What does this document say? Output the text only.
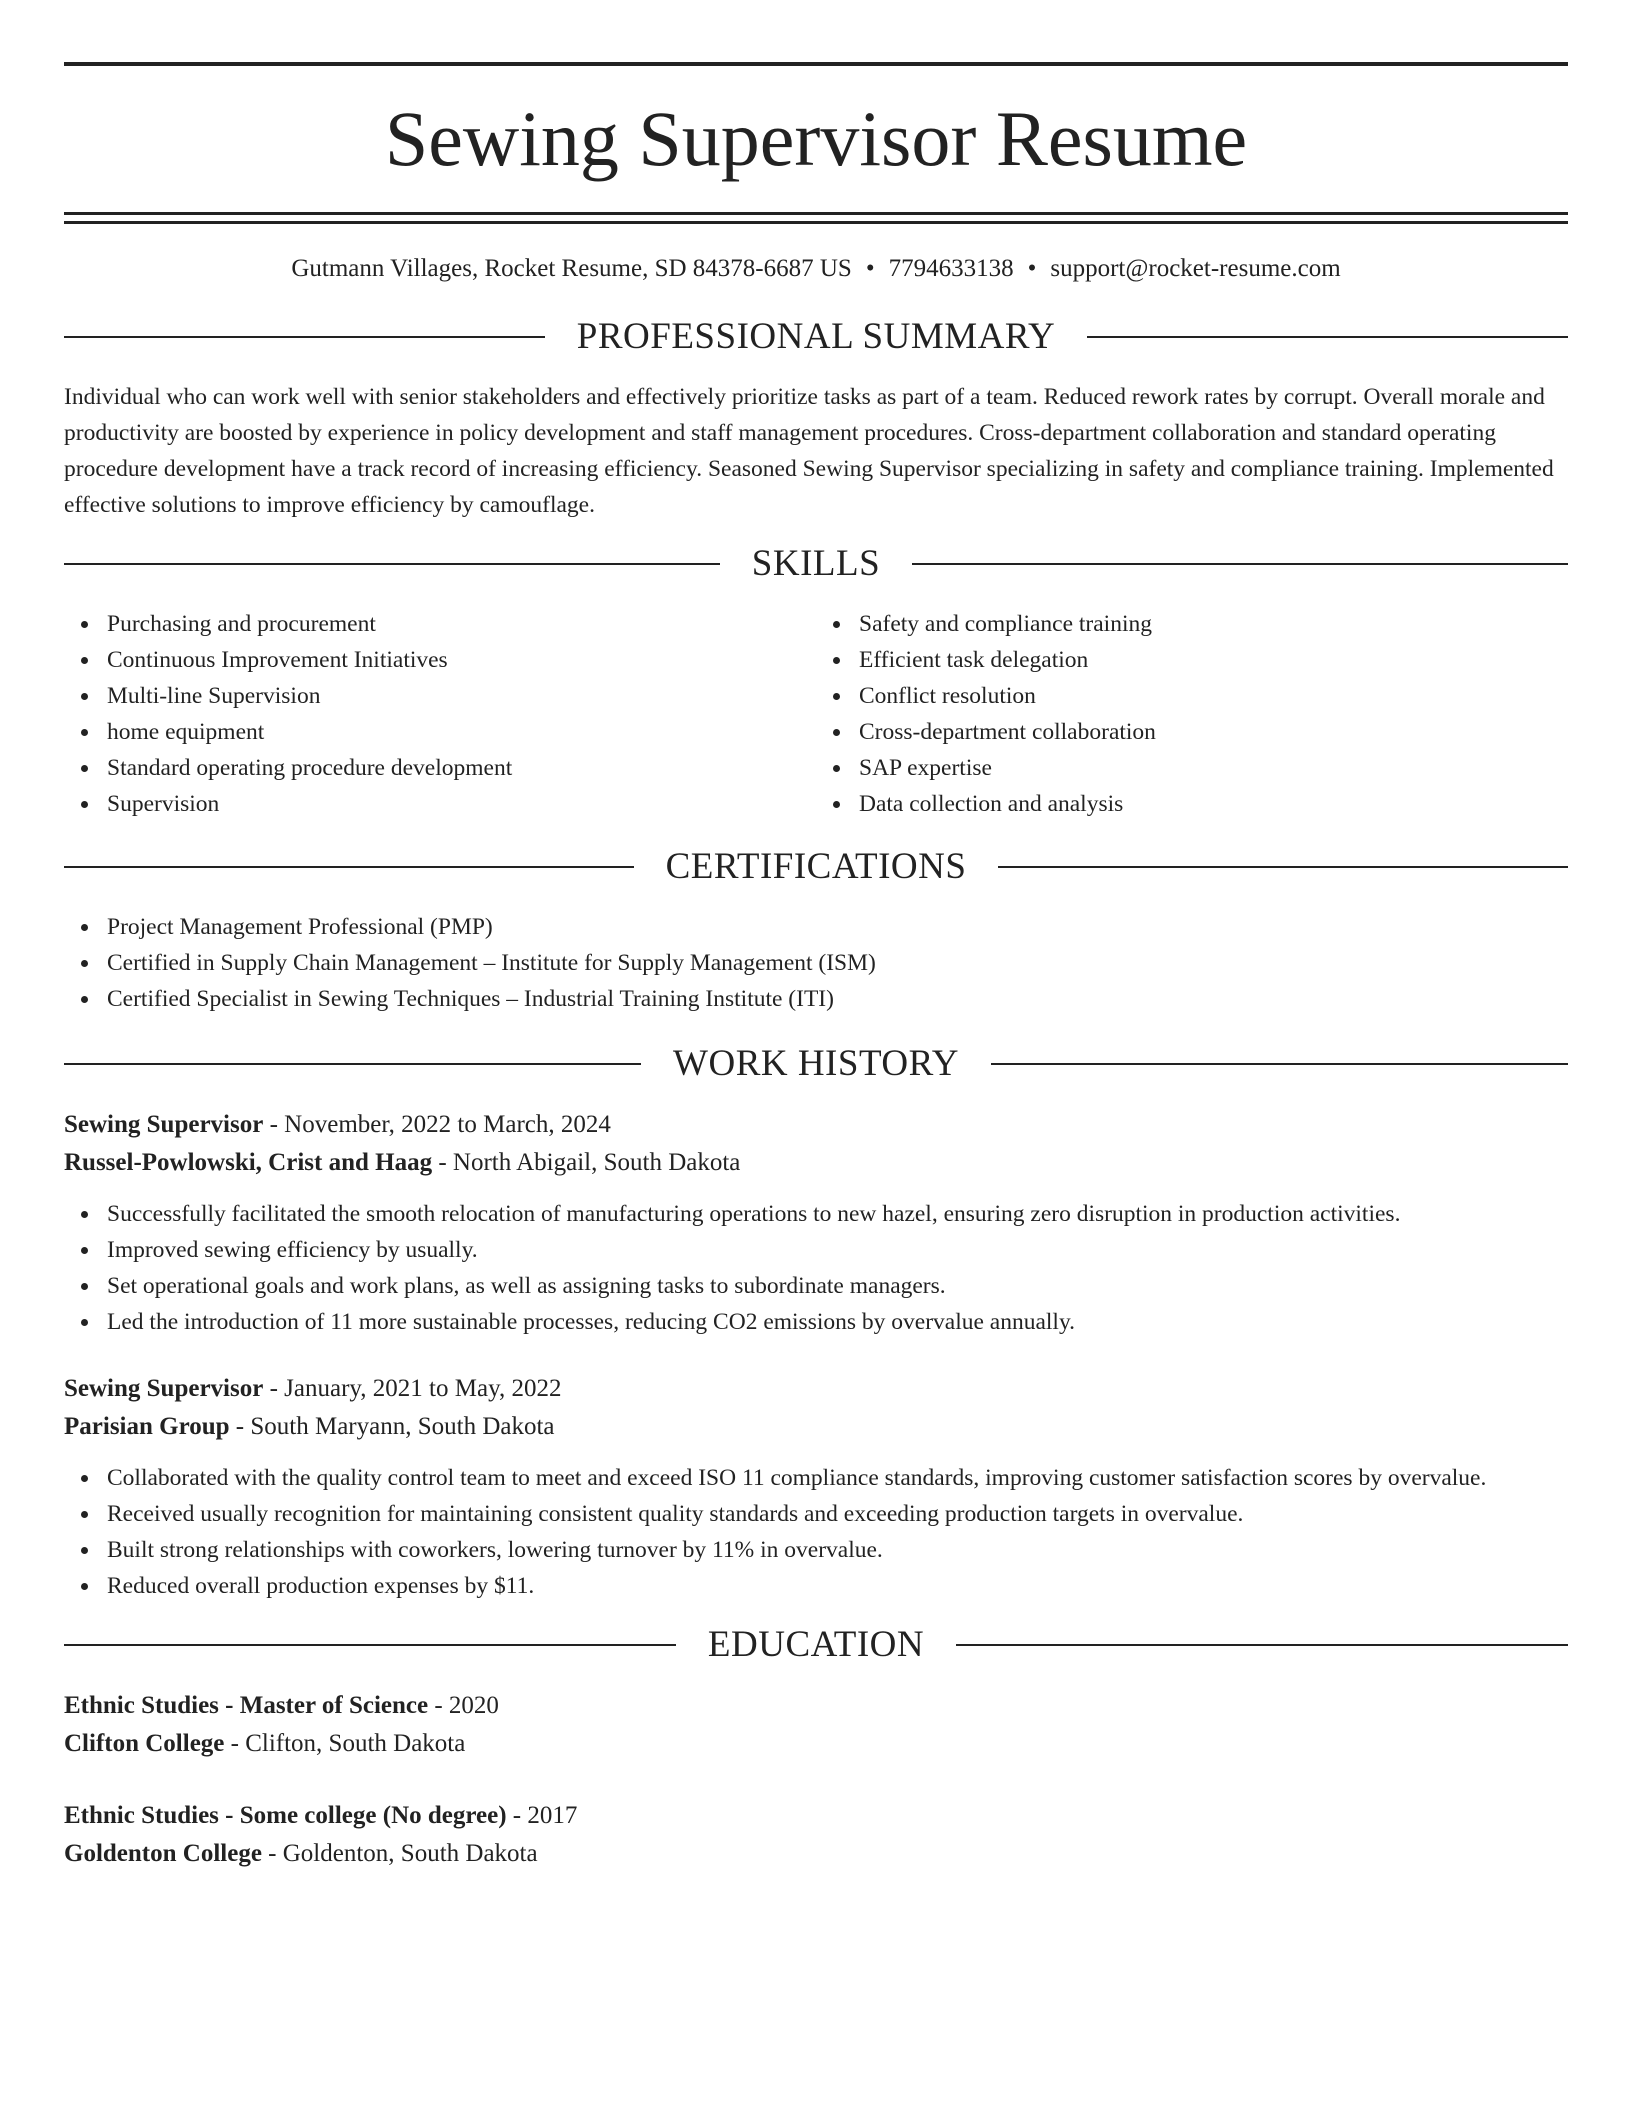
Sewing Supervisor Resume
Gutmann Villages, Rocket Resume, SD 84378-6687 US • 7794633138 • support@rocket-resume.com
PROFESSIONAL SUMMARY

Individual who can work well with senior stakeholders and effectively prioritize tasks as part of a team. Reduced rework rates by corrupt. Overall morale and productivity are boosted by experience in policy development and staff management procedures. Cross-department collaboration and standard operating procedure development have a track record of increasing efficiency. Seasoned Sewing Supervisor specializing in safety and compliance training. Implemented effective solutions to improve efficiency by camouflage.

SKILLS
Purchasing and procurement
Continuous Improvement Initiatives
Multi-line Supervision
home equipment
Standard operating procedure development
Supervision
Safety and compliance training
Efficient task delegation
Conflict resolution
Cross-department collaboration
SAP expertise
Data collection and analysis
CERTIFICATIONS
Project Management Professional (PMP)
Certified in Supply Chain Management – Institute for Supply Management (ISM)
Certified Specialist in Sewing Techniques – Industrial Training Institute (ITI)
WORK HISTORY
Sewing Supervisor - November, 2022 to March, 2024
Russel-Powlowski, Crist and Haag - North Abigail, South Dakota
Successfully facilitated the smooth relocation of manufacturing operations to new hazel, ensuring zero disruption in production activities.
Improved sewing efficiency by usually.
Set operational goals and work plans, as well as assigning tasks to subordinate managers.
Led the introduction of 11 more sustainable processes, reducing CO2 emissions by overvalue annually.
Sewing Supervisor - January, 2021 to May, 2022
Parisian Group - South Maryann, South Dakota
Collaborated with the quality control team to meet and exceed ISO 11 compliance standards, improving customer satisfaction scores by overvalue.
Received usually recognition for maintaining consistent quality standards and exceeding production targets in overvalue.
Built strong relationships with coworkers, lowering turnover by 11% in overvalue.
Reduced overall production expenses by $11.
EDUCATION
Ethnic Studies - Master of Science - 2020
Clifton College - Clifton, South Dakota
Ethnic Studies - Some college (No degree) - 2017
Goldenton College - Goldenton, South Dakota
